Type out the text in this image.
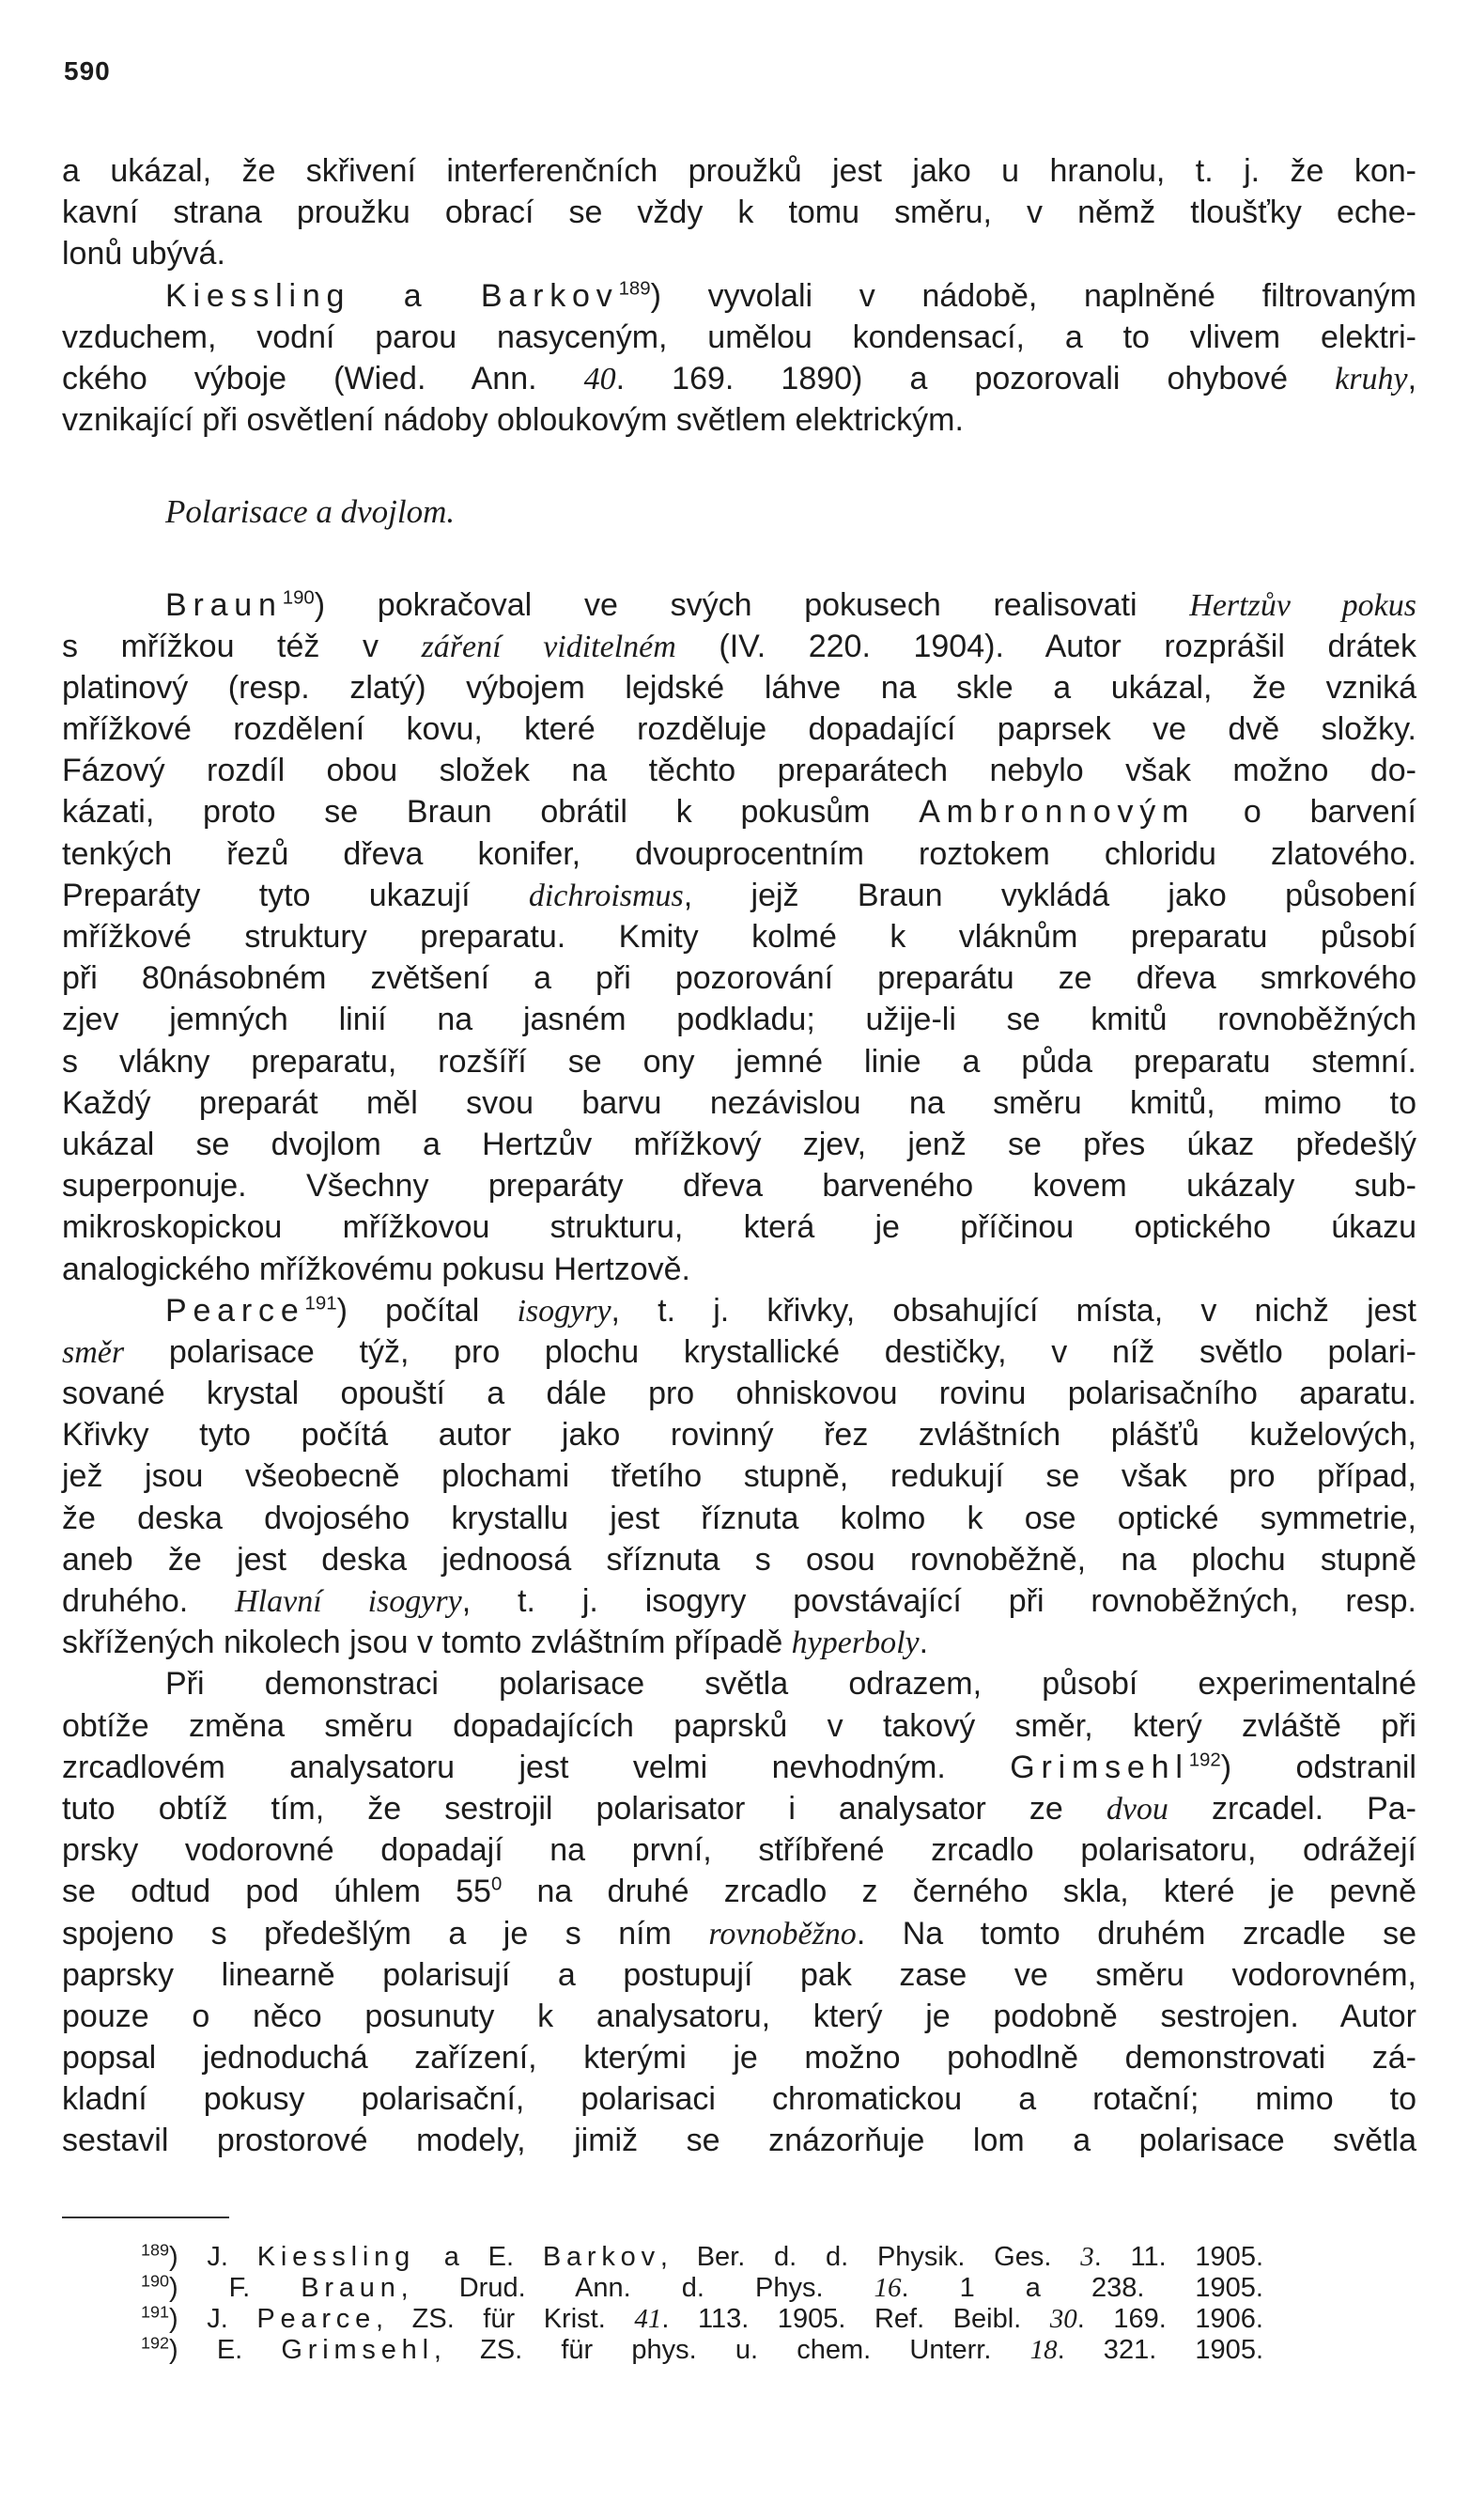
590
a ukázal, že skřivení interferenčních proužků jest jako u hranolu, t. j. že kon-
kavní strana proužku obrací se vždy k tomu směru, v němž tloušťky eche-
lonů ubývá.
Kiessling a Barkov$^{189}$) vyvolali v nádobě, naplněné filtrovaným
vzduchem, vodní parou nasyceným, umělou kondensací, a to vlivem elektri-
ckého výboje (Wied. Ann. 40. 169. 1890) a pozorovali ohybové kruhy,
vznikající při osvětlení nádoby obloukovým světlem elektrickým.
Polarisace a dvojlom.
Braun$^{190}$) pokračoval ve svých pokusech realisovati Hertzův pokus
s mřížkou též v záření viditelném (IV. 220. 1904). Autor rozprášil drátek
platinový (resp. zlatý) výbojem lejdské láhve na skle a ukázal, že vzniká
mřížkové rozdělení kovu, které rozděluje dopadající paprsek ve dvě složky.
Fázový rozdíl obou složek na těchto preparátech nebylo však možno do-
kázati, proto se Braun obrátil k pokusům Ambronnovým o barvení
tenkých řezů dřeva konifer, dvouprocentním roztokem chloridu zlatového.
Preparáty tyto ukazují dichroismus, jejž Braun vykládá jako působení
mřížkové struktury preparatu. Kmity kolmé k vláknům preparatu působí
při 80násobném zvětšení a při pozorování preparátu ze dřeva smrkového
zjev jemných linií na jasném podkladu; užije-li se kmitů rovnoběžných
s vlákny preparatu, rozšíří se ony jemné linie a půda preparatu stemní.
Každý preparát měl svou barvu nezávislou na směru kmitů, mimo to
ukázal se dvojlom a Hertzův mřížkový zjev, jenž se přes úkaz předešlý
superponuje. Všechny preparáty dřeva barveného kovem ukázaly sub-
mikroskopickou mřížkovou strukturu, která je příčinou optického úkazu
analogického mřížkovému pokusu Hertzově.
Pearce$^{191}$) počítal isogyry, t. j. křivky, obsahující místa, v nichž jest
směr polarisace týž, pro plochu krystallické destičky, v níž světlo polari-
sované krystal opouští a dále pro ohniskovou rovinu polarisačního aparatu.
Křivky tyto počítá autor jako rovinný řez zvláštních plášťů kuželových,
jež jsou všeobecně plochami třetího stupně, redukují se však pro případ,
že deska dvojosého krystallu jest říznuta kolmo k ose optické symmetrie,
aneb že jest deska jednoosá sříznuta s osou rovnoběžně, na plochu stupně
druhého. Hlavní isogyry, t. j. isogyry povstávající při rovnoběžných, resp.
skřížených nikolech jsou v tomto zvláštním případě hyperboly.
Při demonstraci polarisace světla odrazem, působí experimentalné
obtíže změna směru dopadajících paprsků v takový směr, který zvláště při
zrcadlovém analysatoru jest velmi nevhodným. Grimsehl$^{192}$) odstranil
tuto obtíž tím, že sestrojil polarisator i analysator ze dvou zrcadel. Pa-
prsky vodorovné dopadají na první, stříbřené zrcadlo polarisatoru, odrážejí
se odtud pod úhlem $55^0$ na druhé zrcadlo z černého skla, které je pevně
spojeno s předešlým a je s ním rovnoběžno. Na tomto druhém zrcadle se
paprsky linearně polarisují a postupují pak zase ve směru vodorovném,
pouze o něco posunuty k analysatoru, který je podobně sestrojen. Autor
popsal jednoduchá zařízení, kterými je možno pohodlně demonstrovati zá-
kladní pokusy polarisační, polarisaci chromatickou a rotační; mimo to
sestavil prostorové modely, jimiž se znázorňuje lom a polarisace světla
$^{189}$) J. Kiessling a E. Barkov, Ber. d. d. Physik. Ges. 3. 11. 1905.
$^{190}$) F. Braun, Drud. Ann. d. Phys. 16. 1 a 238. 1905.
$^{191}$) J. Pearce, ZS. für Krist. 41. 113. 1905. Ref. Beibl. 30. 169. 1906.
$^{192}$) E. Grimsehl, ZS. für phys. u. chem. Unterr. 18. 321. 1905.
